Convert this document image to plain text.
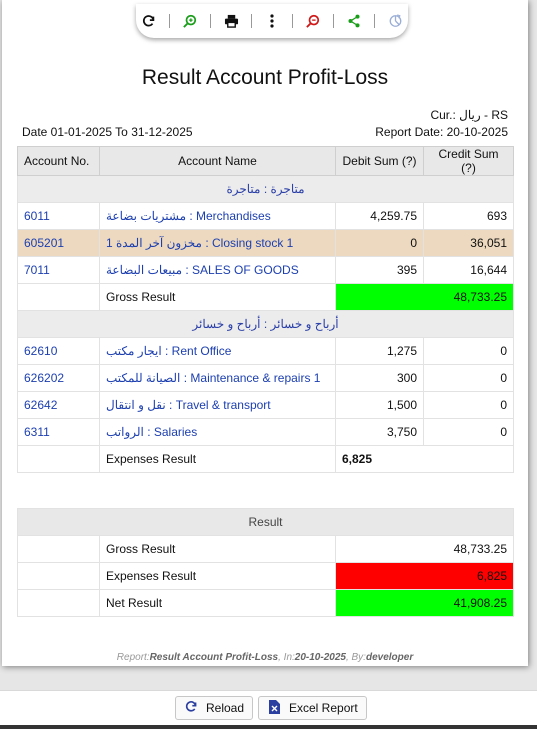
Result Account Profit-Loss
Cur.: ريال - RS
Date 01-01-2025 To 31-12-2025	Report Date: 20-10-2025
Account No.	Account Name	Debit Sum (?)	Credit Sum (?)
متاجرة : متاجرة			
6011	مشتريات بضاعة : Merchandises	4,259.75	693
605201	مخزون آخر المدة 1 : Closing stock 1	0	36,051
7011	مبيعات البضاعة : SALES OF GOODS	395	16,644
	Gross Result	48,733.25	
أرباح و خسائر : أرباح و خسائر			
62610	ايجار مكتب : Rent Office	1,275	0
626202	الصيانة للمكتب : Maintenance & repairs 1	300	0
62642	نقل و انتقال : Travel & transport	1,500	0
6311	الرواتب : Salaries	3,750	0
	Expenses Result	6,825	
Result		
	Gross Result	48,733.25
	Expenses Result	6,825
	Net Result	41,908.25
Report:Result Account Profit-Loss, In:20-10-2025, By:developer
Reload	Excel Report
